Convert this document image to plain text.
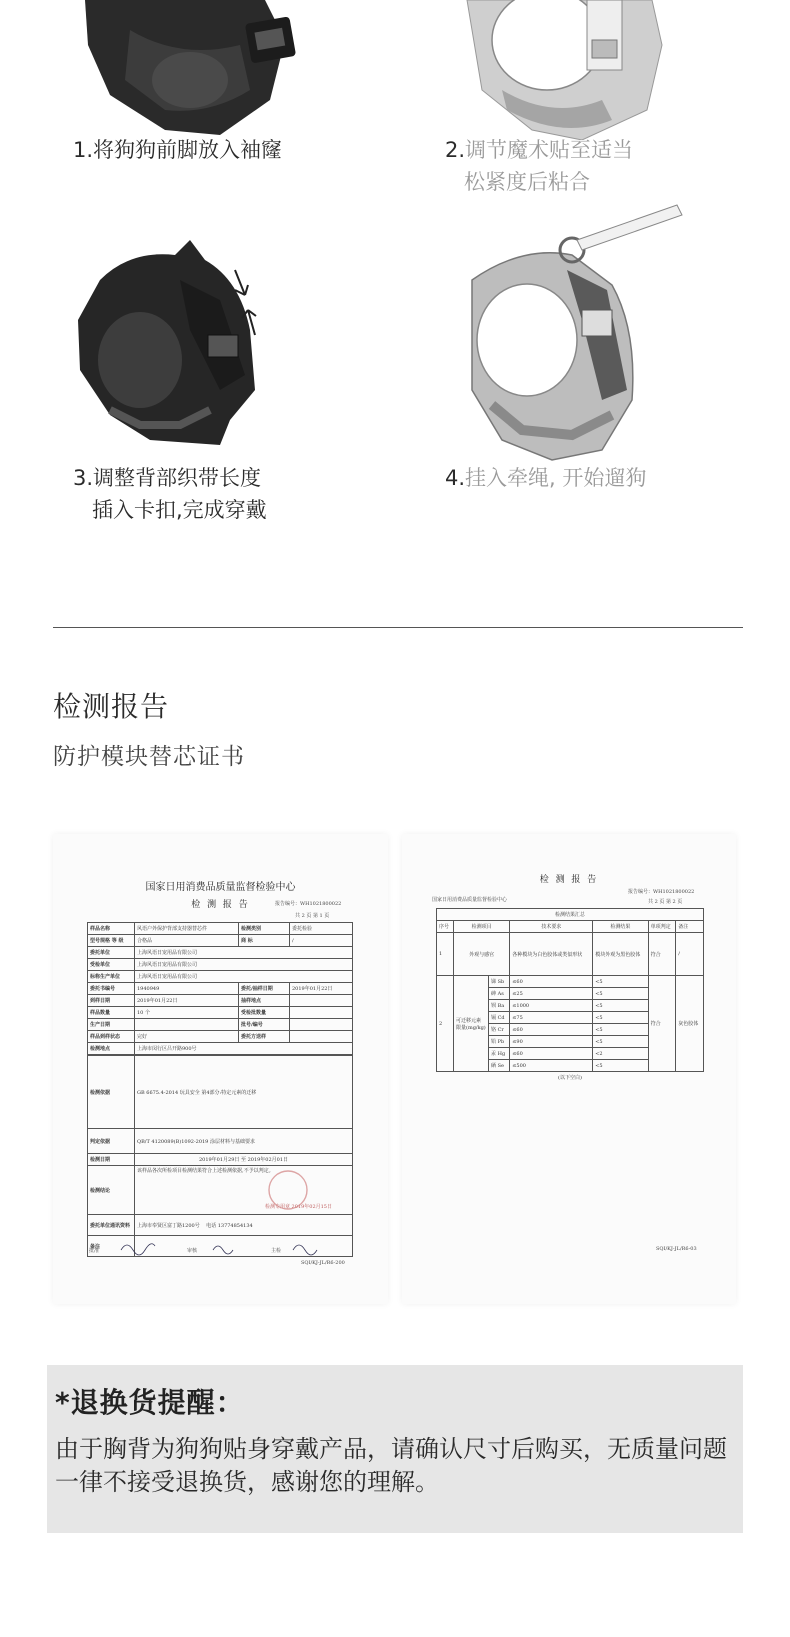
1.将狗狗前脚放入袖窿	2.调节魔术贴至适当
松紧度后粘合
3.调整背部织带长度
插入卡扣,完成穿戴
4.挂入牵绳, 开始遛狗
检测报告
防护模块替芯证书
国家日用消费品质量监督检验中心
检 测 报 告	报告编号：WH1021800022
共 2 页 第 1 页
样品名称	风语户外保护背部支持器替芯件	检测类别	委托检验
型号规格 等 级	合格品	商 标	/
委托单位	上海风语日宠用品有限公司		
受检单位	上海风语日宠用品有限公司		
标称生产单位	上海风语日宠用品有限公司		
委托书编号	1940949	委托/抽样日期	2019年01月22日
到样日期	2019年01月22日	抽样地点	
样品数量	10 个	受检批数量	
生产日期		批号/编号	
样品到样状态	完好	委托方送样	
检测地点	上海市闵行区吕开路900号		
检测依据	GB 6675.4-2014 玩具安全 第4部分:特定元素的迁移
判定依据	QB/T 4120089(B)1092-2019 涂层材料与基础要求
检测日期	2019年01月29日 至 2019年02月01日
检测结论	该样品各次所检项目检测结果符合上述检测依据,不予以判定。
检测专用章 2019年02月15日

委托单位通讯资料	上海市奉贤区富丁路1200号 电话 13774854134
备注	
批准	审核	主检
SQI/KJ-JL/R6-200
检 测 报 告
报告编号：WH1021800022
国家日用消费品质量监督检验中心	共 2 页 第 2 页
检测结果汇总						
序号	检测项目		技术要求	检测结果	单项判定	备注
1	外观与感官		各种模块为白色胶体或类似形状	模块外观为黑色胶体	符合	/
2	可迁移元素 限量(mg/kg)	锑 Sb	≤60	<5	符合	灰色胶体
		砷 As	≤25	<5		
		钡 Ba	≤1000	<5		
		镉 Cd	≤75	<5		
		铬 Cr	≤60	<5		
		铅 Pb	≤90	<5		
		汞 Hg	≤60	<2		
		硒 Se	≤500	<5		
(以下空白)						
SQI/KJ-JL/R6-03
*退换货提醒：
由于胸背为狗狗贴身穿戴产品，请确认尺寸后购买，无质量问题一律不接受退换货，感谢您的理解。
